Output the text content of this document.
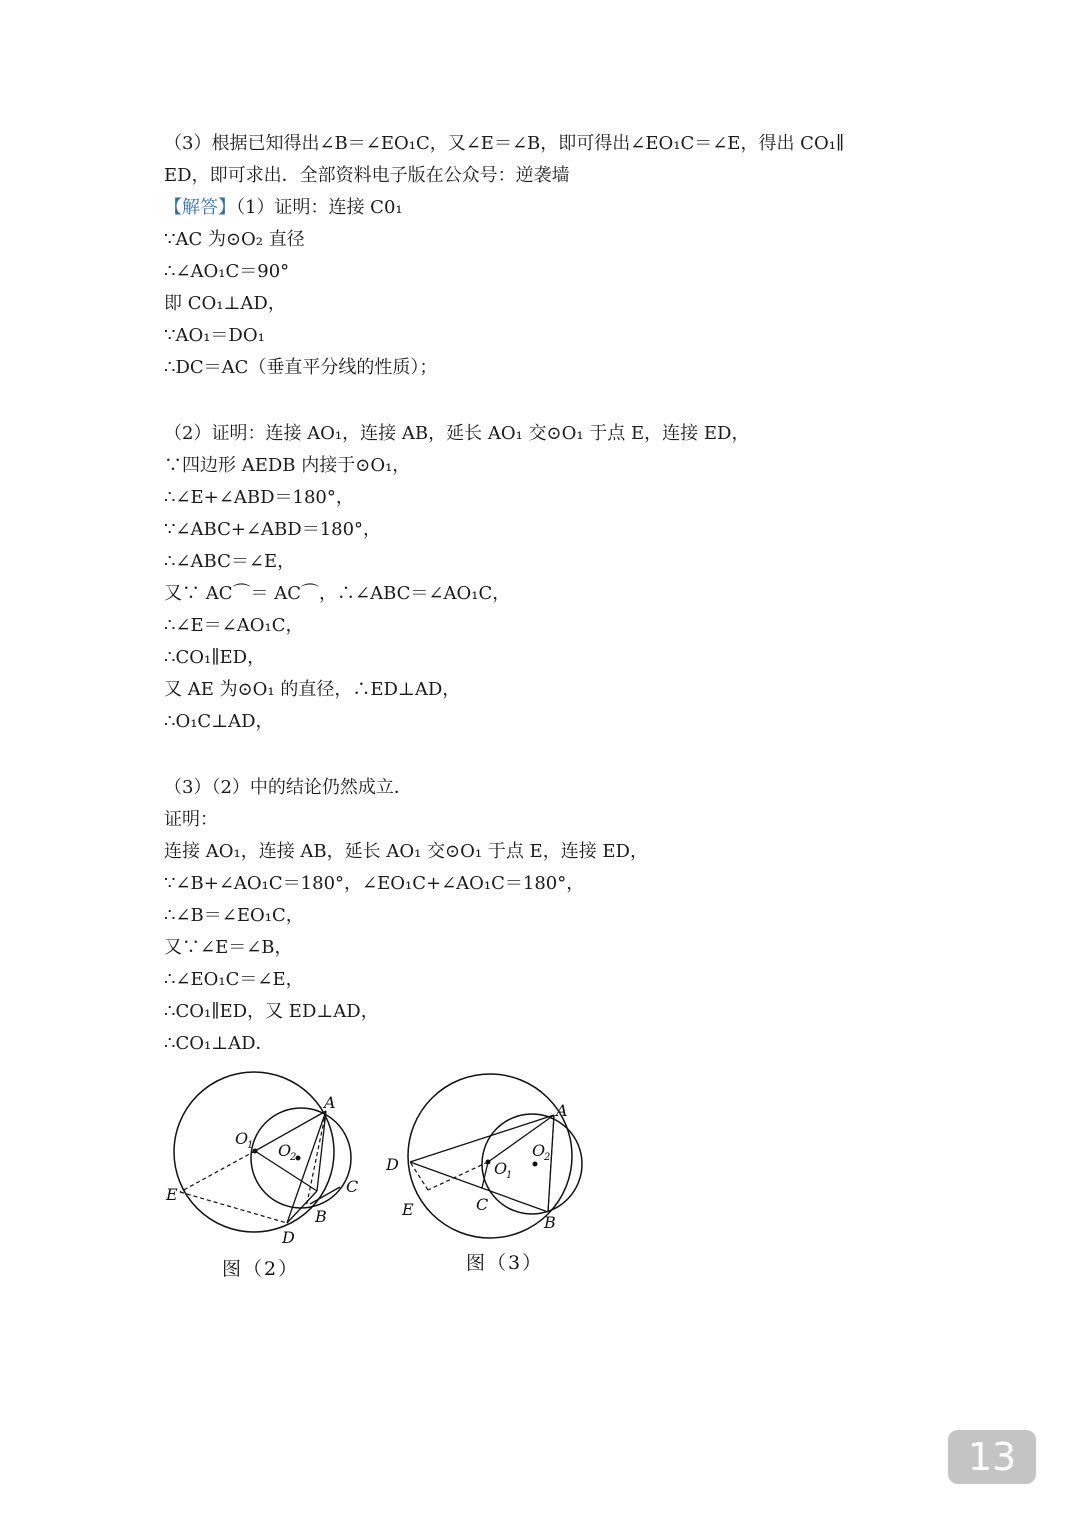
（3）根据已知得出∠B＝∠EO₁C，又∠E＝∠B，即可得出∠EO₁C＝∠E，得出 CO₁∥
ED，即可求出．全部资料电子版在公众号：逆袭墙
【解答】（1）证明：连接 C0₁
∵AC 为⊙O₂ 直径
∴∠AO₁C＝90°
即 CO₁⊥AD，
∵AO₁＝DO₁
∴DC＝AC（垂直平分线的性质）；
（2）证明：连接 AO₁，连接 AB，延长 AO₁ 交⊙O₁ 于点 E，连接 ED，
∵四边形 AEDB 内接于⊙O₁，
∴∠E+∠ABD＝180°，
∵∠ABC+∠ABD＝180°，
∴∠ABC＝∠E，
又∵ AC⌒＝ AC⌒，∴∠ABC＝∠AO₁C，
∴∠E＝∠AO₁C，
∴CO₁∥ED，
又 AE 为⊙O₁ 的直径，∴ED⊥AD，
∴O₁C⊥AD，
（3）（2）中的结论仍然成立．
证明：
连接 AO₁，连接 AB，延长 AO₁ 交⊙O₁ 于点 E，连接 ED，
∵∠B+∠AO₁C＝180°，∠EO₁C+∠AO₁C＝180°，
∴∠B＝∠EO₁C，
又∵∠E＝∠B，
∴∠EO₁C＝∠E，
∴CO₁∥ED，又 ED⊥AD，
∴CO₁⊥AD．
A
B
C
D
E
O
1 O
2
图（2）
A
B
C
D
E
O
1
O
2
图（3）
13
